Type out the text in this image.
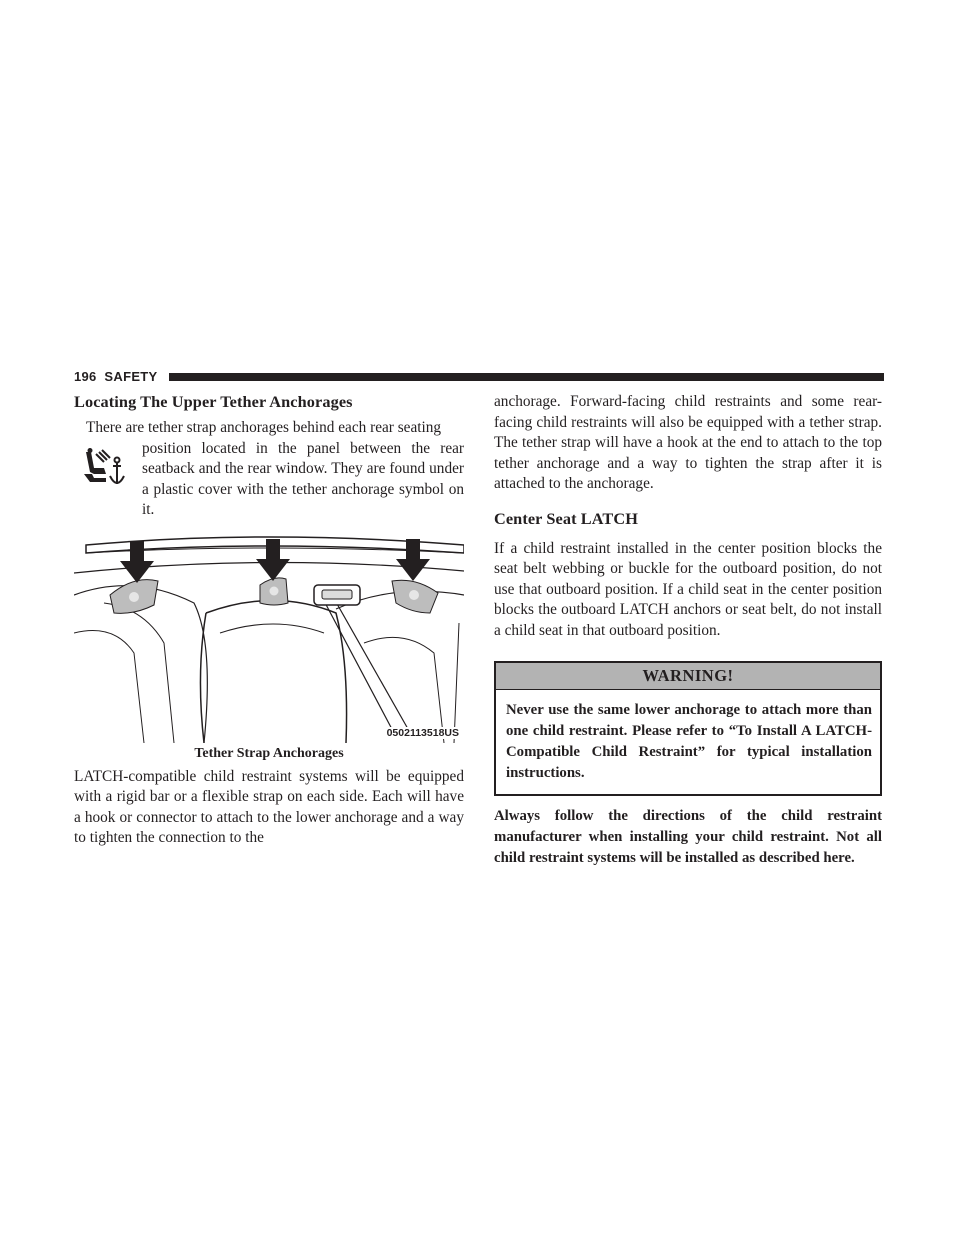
196 SAFETY
Locating The Upper Tether Anchorages

There are tether strap anchorages behind each rear seating

position located in the panel between the rear seatback and the rear window. They are found under a plastic cover with the tether anchorage symbol on it.

0502113518US
Tether Strap Anchorages

LATCH-compatible child restraint systems will be equipped with a rigid bar or a flexible strap on each side. Each will have a hook or connector to attach to the lower anchorage and a way to tighten the connection to the

anchorage. Forward-facing child restraints and some rear-facing child restraints will also be equipped with a tether strap. The tether strap will have a hook at the end to attach to the top tether anchorage and a way to tighten the strap after it is attached to the anchorage.

Center Seat LATCH

If a child restraint installed in the center position blocks the seat belt webbing or buckle for the outboard position, do not use that outboard position. If a child seat in the center position blocks the outboard LATCH anchors or seat belt, do not install a child seat in that outboard position.

WARNING!
Never use the same lower anchorage to attach more than one child restraint. Please refer to “To Install A LATCH-Compatible Child Restraint” for typical installation instructions.

Always follow the directions of the child restraint manufacturer when installing your child restraint. Not all child restraint systems will be installed as described here.
